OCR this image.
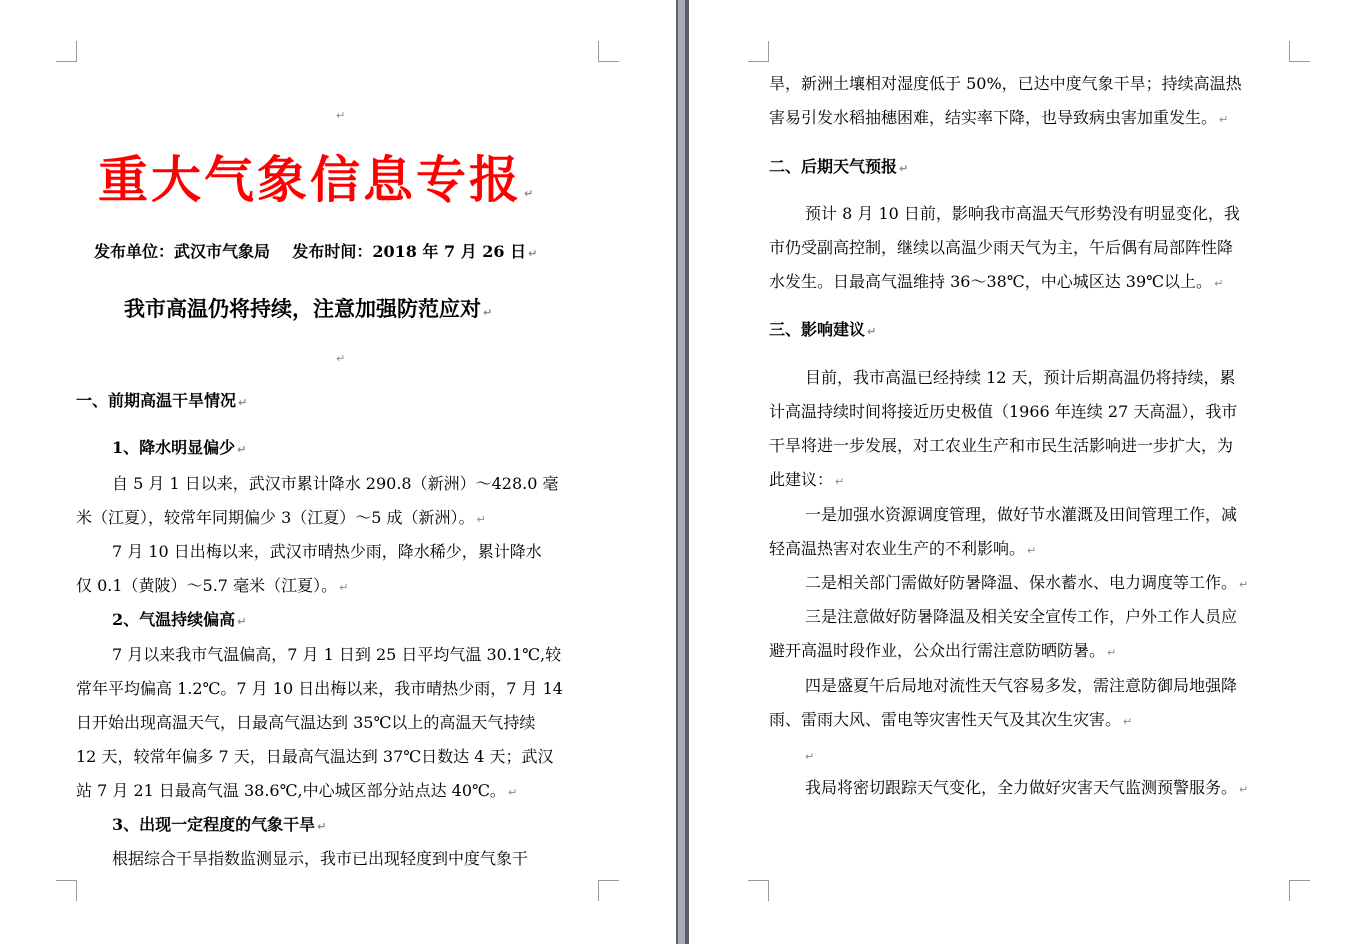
↵
重大气象信息专报 ↵
发布单位：武汉市气象局 发布时间：2018 年 7 月 26 日 ↵
我市高温仍将持续，注意加强防范应对 ↵
↵
一、前期高温干旱情况 ↵
1、降水明显偏少 ↵
自 5 月 1 日以来，武汉市累计降水 290.8（新洲）～428.0 毫
米（江夏），较常年同期偏少 3（江夏）～5 成（新洲）。 ↵
7 月 10 日出梅以来，武汉市晴热少雨，降水稀少，累计降水
仅 0.1（黄陂）～5.7 毫米（江夏）。 ↵
2、气温持续偏高 ↵
7 月以来我市气温偏高，7 月 1 日到 25 日平均气温 30.1℃,较
常年平均偏高 1.2℃。7 月 10 日出梅以来，我市晴热少雨，7 月 14
日开始出现高温天气，日最高气温达到 35℃以上的高温天气持续
12 天，较常年偏多 7 天，日最高气温达到 37℃日数达 4 天；武汉
站 7 月 21 日最高气温 38.6℃,中心城区部分站点达 40℃。 ↵
3、出现一定程度的气象干旱 ↵
根据综合干旱指数监测显示，我市已出现轻度到中度气象干
旱，新洲土壤相对湿度低于 50%，已达中度气象干旱；持续高温热
害易引发水稻抽穗困难，结实率下降，也导致病虫害加重发生。 ↵
二、后期天气预报 ↵
预计 8 月 10 日前，影响我市高温天气形势没有明显变化，我
市仍受副高控制，继续以高温少雨天气为主，午后偶有局部阵性降
水发生。日最高气温维持 36～38℃，中心城区达 39℃以上。 ↵
三、影响建议 ↵
目前，我市高温已经持续 12 天，预计后期高温仍将持续，累
计高温持续时间将接近历史极值（1966 年连续 27 天高温），我市
干旱将进一步发展，对工农业生产和市民生活影响进一步扩大，为
此建议： ↵
一是加强水资源调度管理，做好节水灌溉及田间管理工作，减
轻高温热害对农业生产的不利影响。 ↵
二是相关部门需做好防暑降温、保水蓄水、电力调度等工作。 ↵
三是注意做好防暑降温及相关安全宣传工作，户外工作人员应
避开高温时段作业，公众出行需注意防晒防暑。 ↵
四是盛夏午后局地对流性天气容易多发，需注意防御局地强降
雨、雷雨大风、雷电等灾害性天气及其次生灾害。 ↵
↵
我局将密切跟踪天气变化，全力做好灾害天气监测预警服务。 ↵
